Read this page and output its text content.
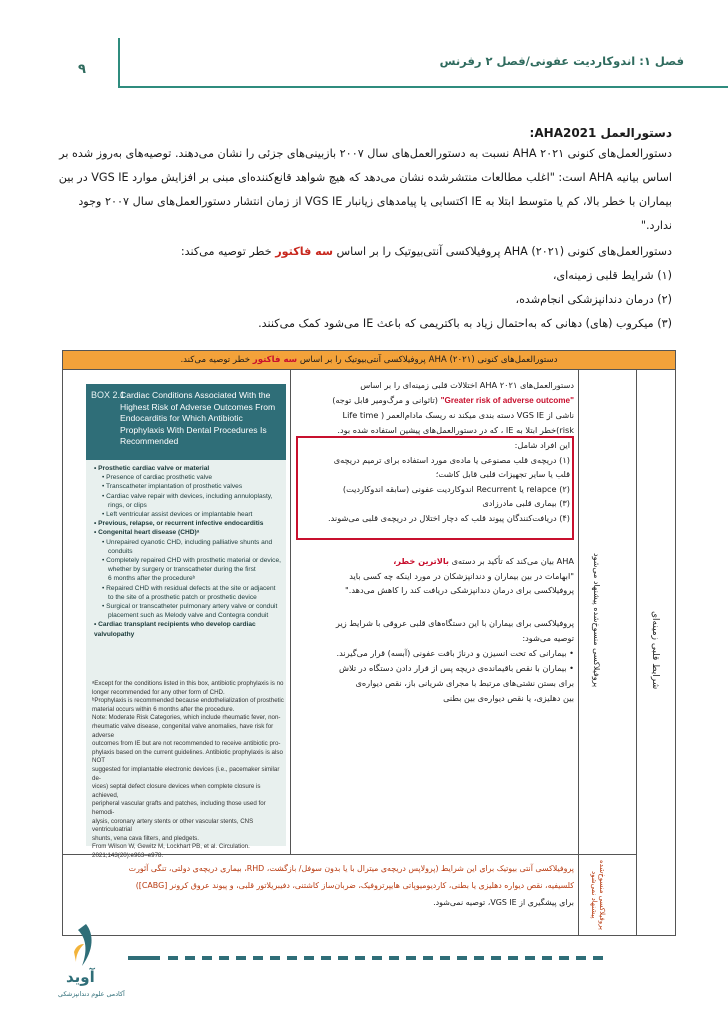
فصل ۱: اندوکاردیت عفونی/فصل ۲ رفرنس
۹
دستورالعمل AHA2021:
دستورالعمل‌های کنونی AHA ۲۰۲۱ نسبت به دستورالعمل‌های سال ۲۰۰۷ بازبینی‌های جزئی را نشان می‌دهند. توصیه‌های به‌روز شده بر اساس بیانیه AHA است: "اغلب مطالعات منتشرشده نشان می‌دهد که هیچ شواهد قانع‌کننده‌ای مبنی بر افزایش موارد VGS IE در بین بیماران با خطر بالا، کم یا متوسط ابتلا به IE اکتسابی یا پیامدهای زیانبار VGS IE از زمان انتشار دستورالعمل‌های سال ۲۰۰۷ وجود ندارد."
دستورالعمل‌های کنونی AHA (۲۰۲۱) پروفیلاکسی آنتی‌بیوتیک را بر اساس سه فاکتور خطر توصیه می‌کند:
(۱) شرایط قلبی زمینه‌ای،
(۲) درمان دندانپزشکی انجام‌شده،
(۳) میکروب (های) دهانی که به‌احتمال زیاد به باکتریمی که باعث IE می‌شود کمک می‌کنند.
دستورالعمل‌های کنونی AHA (۲۰۲۱) پروفیلاکسی آنتی‌بیوتیک را بر اساس سه فاکتور خطر توصیه می‌کند.
شرایط قلبی زمینه‌ای
پروفیلاکسی منسوخ‌شده پیشنهاد می‌شود
پروفیلاکسی منسوخ‌شده پیشنهاد نمی‌شود
دستورالعمل‌های ۲۰۲۱ AHA اختلالات قلبی زمینه‌ای را بر اساس
"Greater risk of adverse outcome" (تاثوانی و مرگ‌ومیر قابل توجه)
ناشی از VGS IE دسته بندی میکند نه ریسک مادام‌العمر ( Life time
risk)خطر ابتلا به IE ، که در دستورالعمل‌های پیشین استفاده شده بود.
این افراد شامل:
(۱) دریچه‌ی قلب مصنوعی یا ماده‌ی مورد استفاده برای ترمیم دریچه‌ی
قلب یا سایر تجهیزات قلبی قابل کاشت؛
(۲) relapce یا Recurrent اندوکاردیت عفونی (سابقه اندوکاردیت)
(۳) بیماری قلبی مادرزادی
(۴) دریافت‌کنندگان پیوند قلب که دچار اختلال در دریچه‌ی قلبی می‌شوند.
AHA بیان می‌کند که تأکید بر دسته‌ی بالاترین خطر،
"ابهامات در بین بیماران و دندانپزشکان در مورد اینکه چه کسی باید
پروفیلاکسی برای درمان دندانپزشکی دریافت کند را کاهش می‌دهد."
پروفیلاکسی برای بیماران با این دستگاه‌های قلبی عروقی با شرایط زیر
توصیه می‌شود:
• بیمارانی که تحت انسیزن و درناژ بافت عفونی (آبسه) قرار می‌گیرند.
• بیماران با نقص باقیمانده‌ی دریچه پس از قرار دادن دستگاه در تلاش
برای بستن نشتی‌های مرتبط با مجرای شریانی باز، نقص دیواره‌ی
بین دهلیزی، یا نقص دیواره‌ی بین بطنی
پروفیلاکسی آنتی بیوتیک برای این شرایط (پرولاپس دریچه‌ی میترال با یا بدون سوفل/ بازگشت، RHD، بیماری دریچه‌ی دولتی، تنگی آئورت
کلسیفیه، نقص دیواره دهلیزی یا بطنی، کاردیومیوپاتی هایپرتروفیک، ضربان‌ساز کاشتنی، دفیبریلاتور قلبی، و پیوند عروق کرونر [CABG])
برای پیشگیری از VGS IE، توصیه نمی‌شود.
BOX 2.1
Cardiac Conditions Associated With the Highest Risk of Adverse Outcomes From Endocarditis for Which Antibiotic Prophylaxis With Dental Procedures Is Recommended
• Prosthetic cardiac valve or material
• Presence of cardiac prosthetic valve
• Transcatheter implantation of prosthetic valves
• Cardiac valve repair with devices, including annuloplasty,
rings, or clips
• Left ventricular assist devices or implantable heart
• Previous, relapse, or recurrent infective endocarditis
• Congenital heart disease (CHD)ᵃ
• Unrepaired cyanotic CHD, including palliative shunts and
conduits
• Completely repaired CHD with prosthetic material or device,
whether by surgery or transcatheter during the first
6 months after the procedureᵇ
• Repaired CHD with residual defects at the site or adjacent
to the site of a prosthetic patch or prosthetic device
• Surgical or transcatheter pulmonary artery valve or conduit
placement such as Melody valve and Contegra conduit
• Cardiac transplant recipients who develop cardiac
valvulopathy
ᵃExcept for the conditions listed in this box, antibiotic prophylaxis is no
longer recommended for any other form of CHD.
ᵇProphylaxis is recommended because endothelialization of prosthetic
material occurs within 6 months after the procedure.
Note: Moderate Risk Categories, which include rheumatic fever, non-
rheumatic valve disease, congenital valve anomalies, have risk for adverse
outcomes from IE but are not recommended to receive antibiotic pro-
phylaxis based on the current guidelines. Antibiotic prophylaxis is also NOT
suggested for implantable electronic devices (i.e., pacemaker similar de-
vices) septal defect closure devices when complete closure is achieved,
peripheral vascular grafts and patches, including those used for hemodi-
alysis, coronary artery stents or other vascular stents, CNS ventriculoatrial
shunts, vena cava filters, and pledgets.
From Wilson W, Gewitz M, Lockhart PB, et al. Circulation.
2021;143(20):e963–e978.
آوید
آکادمی علوم دندانپزشکی
